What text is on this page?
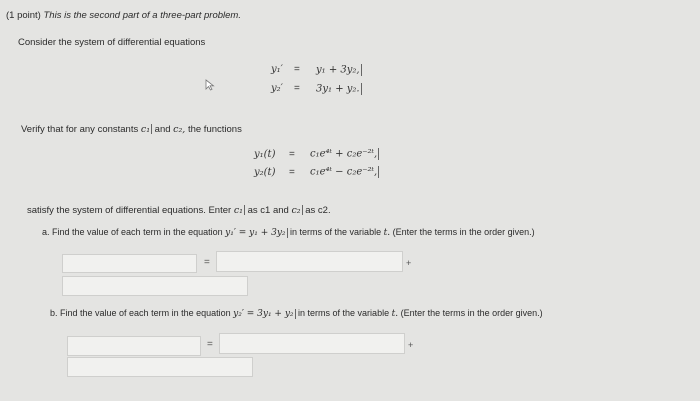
(1 point) This is the second part of a three-part problem.
Consider the system of differential equations
y₁′ = y₁ + 3y₂,
y₂′ = 3y₁ + y₂.
Verify that for any constants c₁ and c₂, the functions
y₁(t) = c₁e⁴ᵗ + c₂e⁻²ᵗ,
y₂(t) = c₁e⁴ᵗ − c₂e⁻²ᵗ,
satisfy the system of differential equations. Enter c₁ as c1 and c₂ as c2.
a. Find the value of each term in the equation y₁′ = y₁ + 3y₂ in terms of the variable t. (Enter the terms in the order given.)
=	+
b. Find the value of each term in the equation y₂′ = 3y₁ + y₂ in terms of the variable t. (Enter the terms in the order given.)
=	+
